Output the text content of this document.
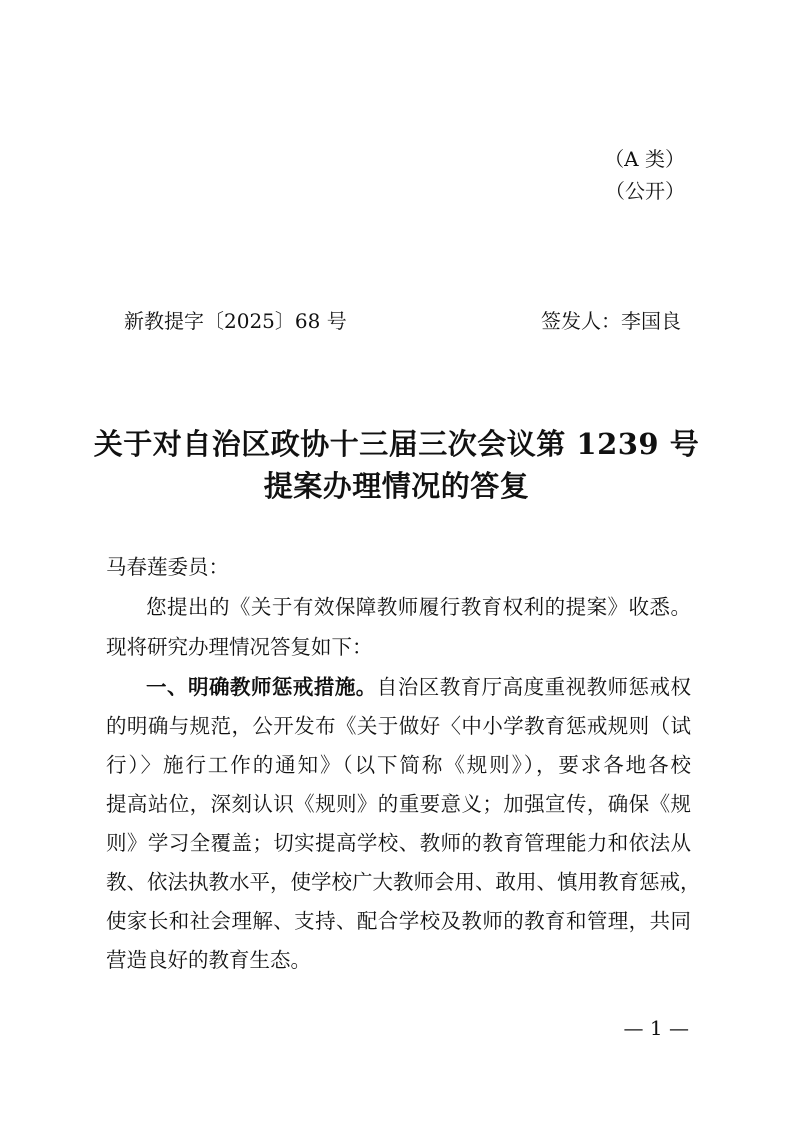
（A 类）
（公开）
新教提字〔2025〕68 号	签发人：李国良
关于对自治区政协十三届三次会议第 1239 号
提案办理情况的答复
马春莲委员：
您提出的《关于有效保障教师履行教育权利的提案》收悉。
现将研究办理情况答复如下：
一、明确教师惩戒措施。自治区教育厅高度重视教师惩戒权
的明确与规范，公开发布《关于做好〈中小学教育惩戒规则（试
行）〉施行工作的通知》（以下简称《规则》），要求各地各校
提高站位，深刻认识《规则》的重要意义；加强宣传，确保《规
则》学习全覆盖；切实提高学校、教师的教育管理能力和依法从
教、依法执教水平，使学校广大教师会用、敢用、慎用教育惩戒，
使家长和社会理解、支持、配合学校及教师的教育和管理，共同
营造良好的教育生态。
— 1 —
